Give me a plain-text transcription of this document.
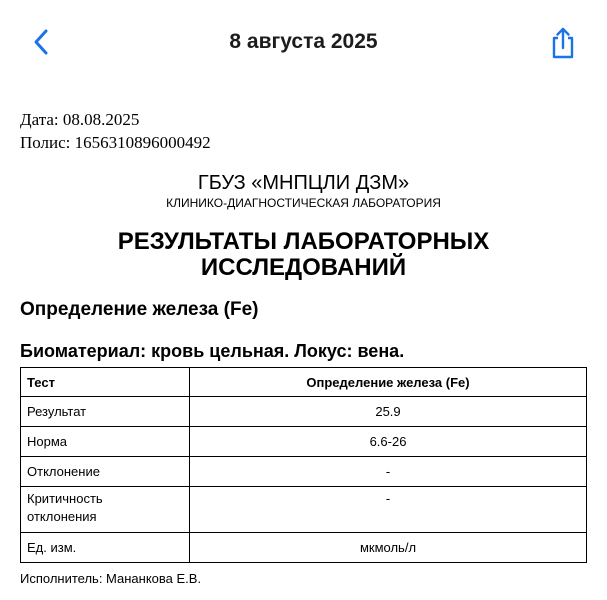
8 августа 2025
Дата: 08.08.2025
Полис: 1656310896000492
ГБУЗ «МНПЦЛИ ДЗМ»
КЛИНИКО-ДИАГНОСТИЧЕСКАЯ ЛАБОРАТОРИЯ
РЕЗУЛЬТАТЫ ЛАБОРАТОРНЫХ
ИССЛЕДОВАНИЙ
Определение железа (Fe)
Биоматериал: кровь цельная. Локус: вена.
Тест	Определение железа (Fe)
Результат	25.9
Норма	6.6-26
Отклонение	-

Критичность
отклонения	-
Ед. изм.	мкмоль/л
Исполнитель: Мананкова Е.В.
